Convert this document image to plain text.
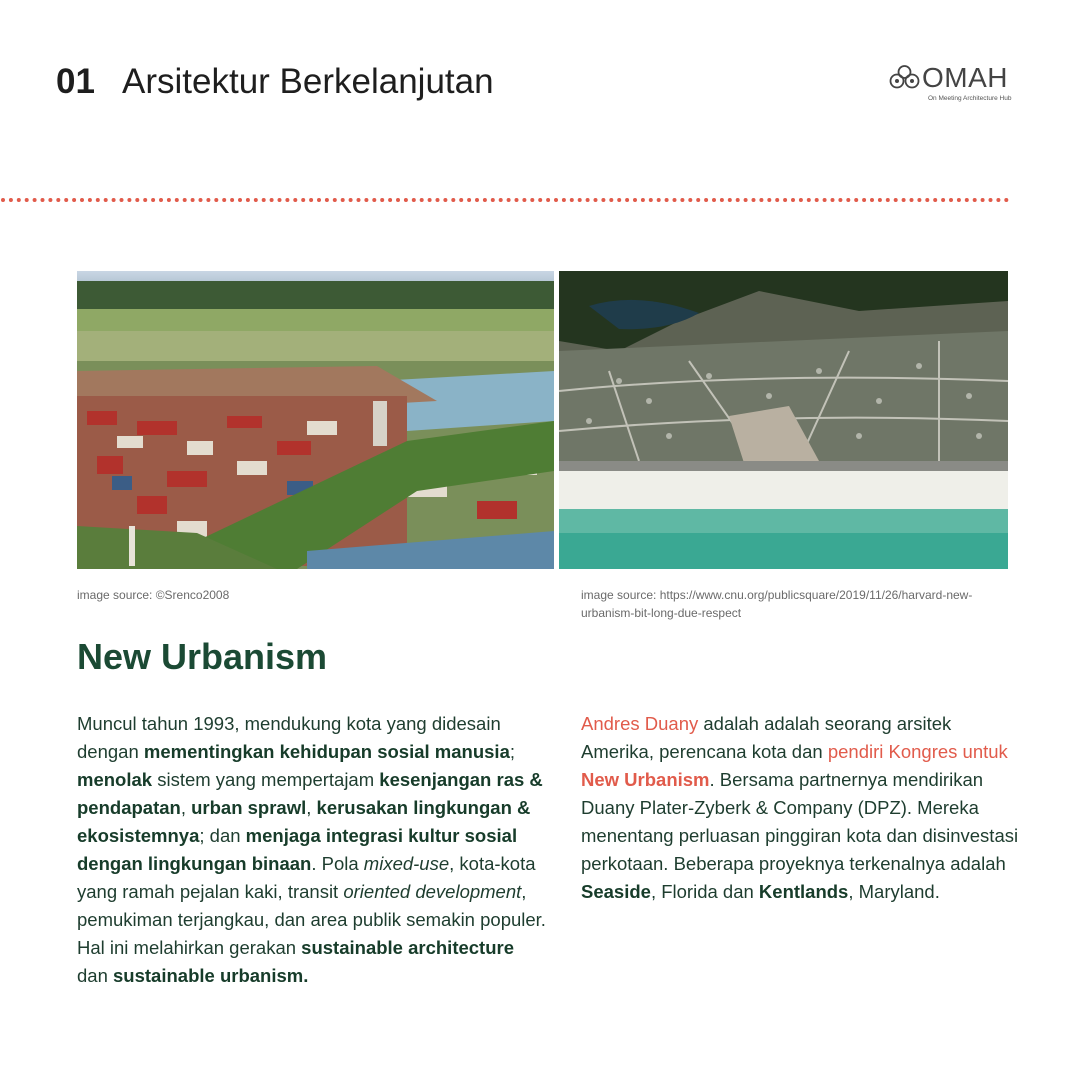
01 Arsitektur Berkelanjutan	OMAH
On Meeting Architecture Hub
image source: ©Srenco2008	image source: https://www.cnu.org/publicsquare/2019/11/26/harvard-new-urbanism-bit-long-due-respect
New Urbanism
Muncul tahun 1993, mendukung kota yang didesain dengan mementingkan kehidupan sosial manusia; menolak sistem yang mempertajam kesenjangan ras & pendapatan, urban sprawl, kerusakan lingkungan & ekosistemnya; dan menjaga integrasi kultur sosial dengan lingkungan binaan. Pola mixed-use, kota-kota yang ramah pejalan kaki, transit oriented development, pemukiman terjangkau, dan area publik semakin populer. Hal ini melahirkan gerakan sustainable architecture dan sustainable urbanism.
Andres Duany adalah adalah seorang arsitek Amerika, perencana kota dan pendiri Kongres untuk New Urbanism. Bersama partnernya mendirikan Duany Plater-Zyberk & Company (DPZ). Mereka menentang perluasan pinggiran kota dan disinvestasi perkotaan. Beberapa proyeknya terkenalnya adalah Seaside, Florida dan Kentlands, Maryland.
